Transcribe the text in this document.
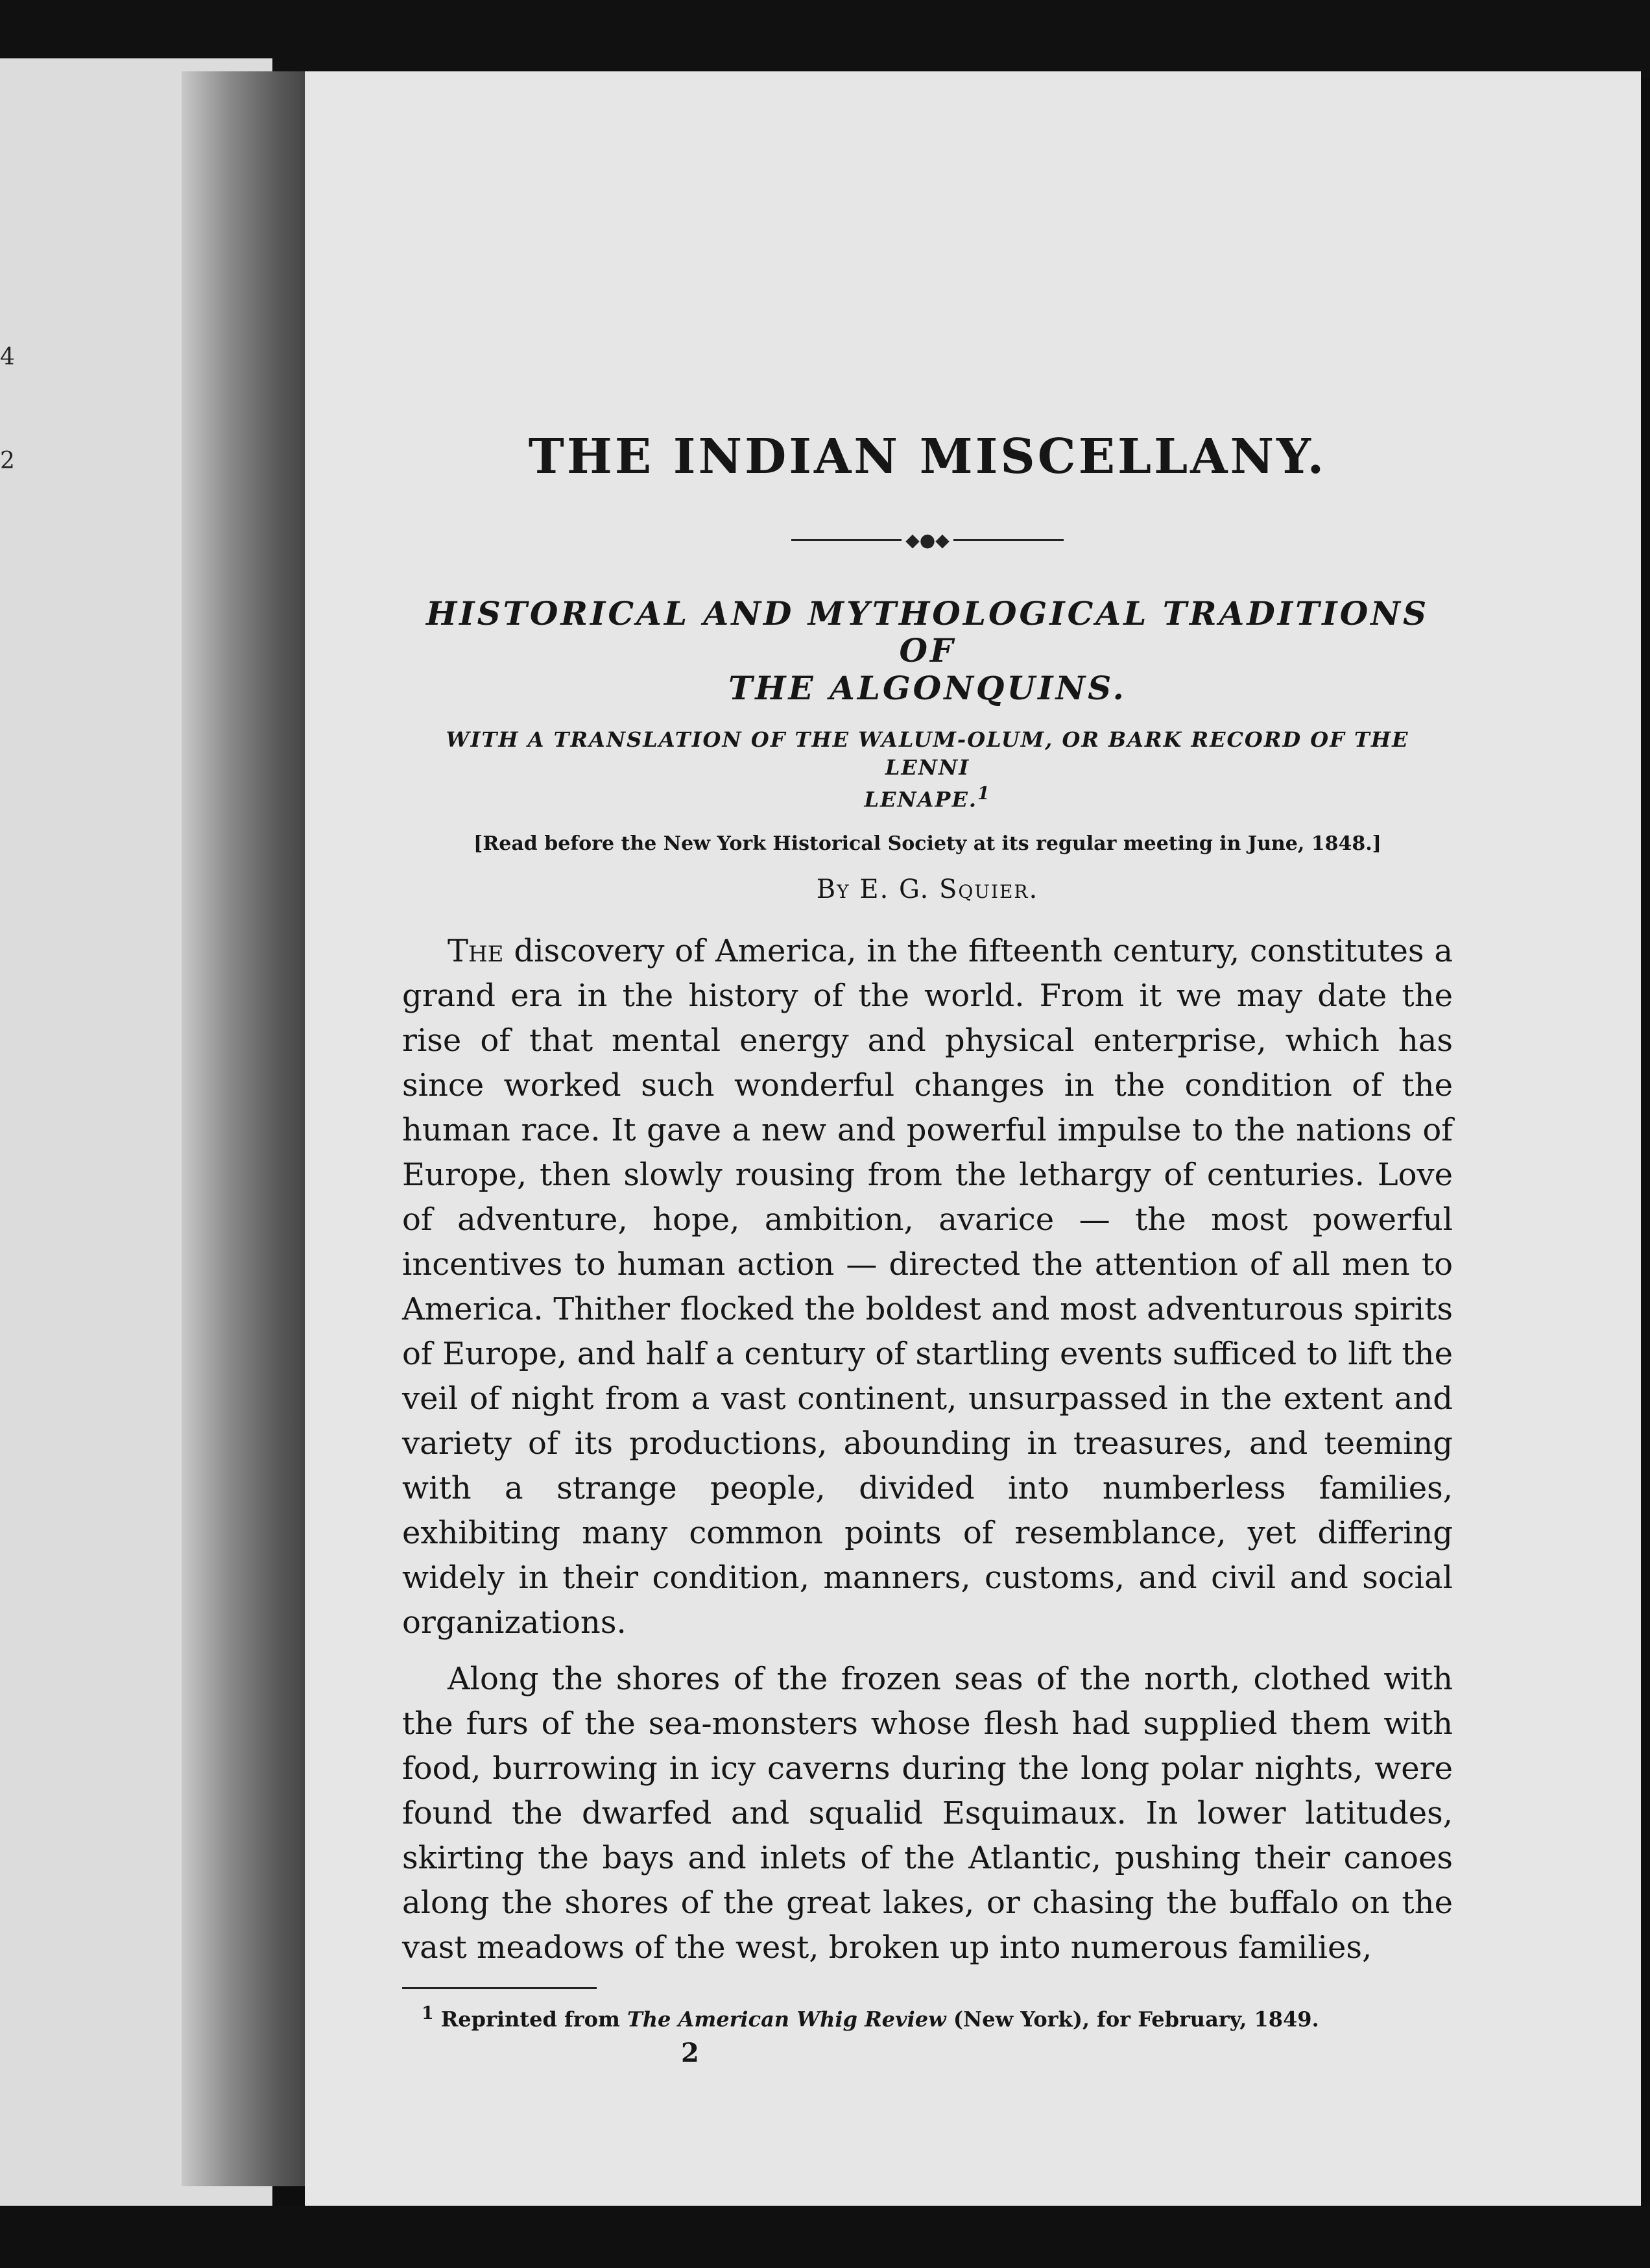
4
2	THE INDIAN MISCELLANY.
◆●◆
HISTORICAL AND MYTHOLOGICAL TRADITIONS OF
THE ALGONQUINS.
WITH A TRANSLATION OF THE WALUM-OLUM, OR BARK RECORD OF THE LENNI
LENAPE.$^1$

[Read before the New York Historical Society at its regular meeting in June, 1848.]

By E. G. Squier.

The discovery of America, in the fifteenth century, constitutes a grand era in the history of the world. From it we may date the rise of that mental energy and physical enterprise, which has since worked such wonderful changes in the condition of the human race. It gave a new and powerful impulse to the nations of Europe, then slowly rousing from the lethargy of centuries. Love of adventure, hope, ambition, avarice — the most powerful incentives to human action — directed the attention of all men to America. Thither flocked the boldest and most adventurous spirits of Europe, and half a century of startling events sufficed to lift the veil of night from a vast continent, unsurpassed in the extent and variety of its productions, abounding in treasures, and teeming with a strange people, divided into numberless families, exhibiting many common points of resemblance, yet differing widely in their condition, manners, customs, and civil and social organizations.

Along the shores of the frozen seas of the north, clothed with the furs of the sea-monsters whose flesh had supplied them with food, burrowing in icy caverns during the long polar nights, were found the dwarfed and squalid Esquimaux. In lower latitudes, skirting the bays and inlets of the Atlantic, pushing their canoes along the shores of the great lakes, or chasing the buffalo on the vast meadows of the west, broken up into numerous families,

$^1$ Reprinted from The American Whig Review (New York), for February, 1849.

2
